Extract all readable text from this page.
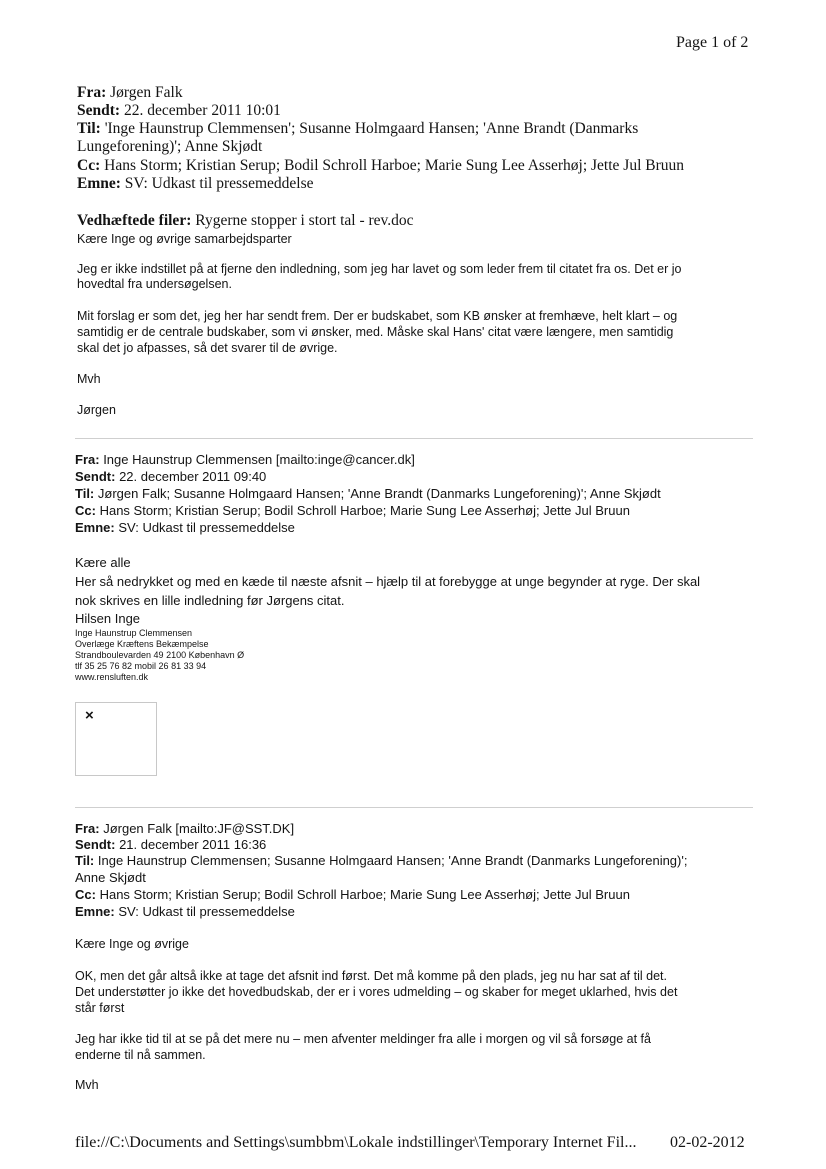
Page 1 of 2
Fra: Jørgen Falk
Sendt: 22. december 2011 10:01
Til: 'Inge Haunstrup Clemmensen'; Susanne Holmgaard Hansen; 'Anne Brandt (Danmarks
Lungeforening)'; Anne Skjødt
Cc: Hans Storm; Kristian Serup; Bodil Schroll Harboe; Marie Sung Lee Asserhøj; Jette Jul Bruun
Emne: SV: Udkast til pressemeddelse
Vedhæftede filer: Rygerne stopper i stort tal - rev.doc
Kære Inge og øvrige samarbejdsparter
Jeg er ikke indstillet på at fjerne den indledning, som jeg har lavet og som leder frem til citatet fra os. Det er jo
hovedtal fra undersøgelsen.
Mit forslag er som det, jeg her har sendt frem. Der er budskabet, som KB ønsker at fremhæve, helt klart – og
samtidig er de centrale budskaber, som vi ønsker, med. Måske skal Hans' citat være længere, men samtidig
skal det jo afpasses, så det svarer til de øvrige.
Mvh
Jørgen
Fra: Inge Haunstrup Clemmensen [mailto:inge@cancer.dk]
Sendt: 22. december 2011 09:40
Til: Jørgen Falk; Susanne Holmgaard Hansen; 'Anne Brandt (Danmarks Lungeforening)'; Anne Skjødt
Cc: Hans Storm; Kristian Serup; Bodil Schroll Harboe; Marie Sung Lee Asserhøj; Jette Jul Bruun
Emne: SV: Udkast til pressemeddelse
Kære alle
Her så nedrykket og med en kæde til næste afsnit – hjælp til at forebygge at unge begynder at ryge. Der skal
nok skrives en lille indledning før Jørgens citat.
Hilsen Inge
Inge Haunstrup Clemmensen
Overlæge Kræftens Bekæmpelse
Strandboulevarden 49 2100 København Ø
tlf 35 25 76 82 mobil 26 81 33 94
www.rensluften.dk
×
Fra: Jørgen Falk [mailto:JF@SST.DK]
Sendt: 21. december 2011 16:36
Til: Inge Haunstrup Clemmensen; Susanne Holmgaard Hansen; 'Anne Brandt (Danmarks Lungeforening)';
Anne Skjødt
Cc: Hans Storm; Kristian Serup; Bodil Schroll Harboe; Marie Sung Lee Asserhøj; Jette Jul Bruun
Emne: SV: Udkast til pressemeddelse
Kære Inge og øvrige
OK, men det går altså ikke at tage det afsnit ind først. Det må komme på den plads, jeg nu har sat af til det.
Det understøtter jo ikke det hovedbudskab, der er i vores udmelding – og skaber for meget uklarhed, hvis det
står først
Jeg har ikke tid til at se på det mere nu – men afventer meldinger fra alle i morgen og vil så forsøge at få
enderne til nå sammen.
Mvh
file://C:\Documents and Settings\sumbbm\Lokale indstillinger\Temporary Internet Fil... 02-02-2012
